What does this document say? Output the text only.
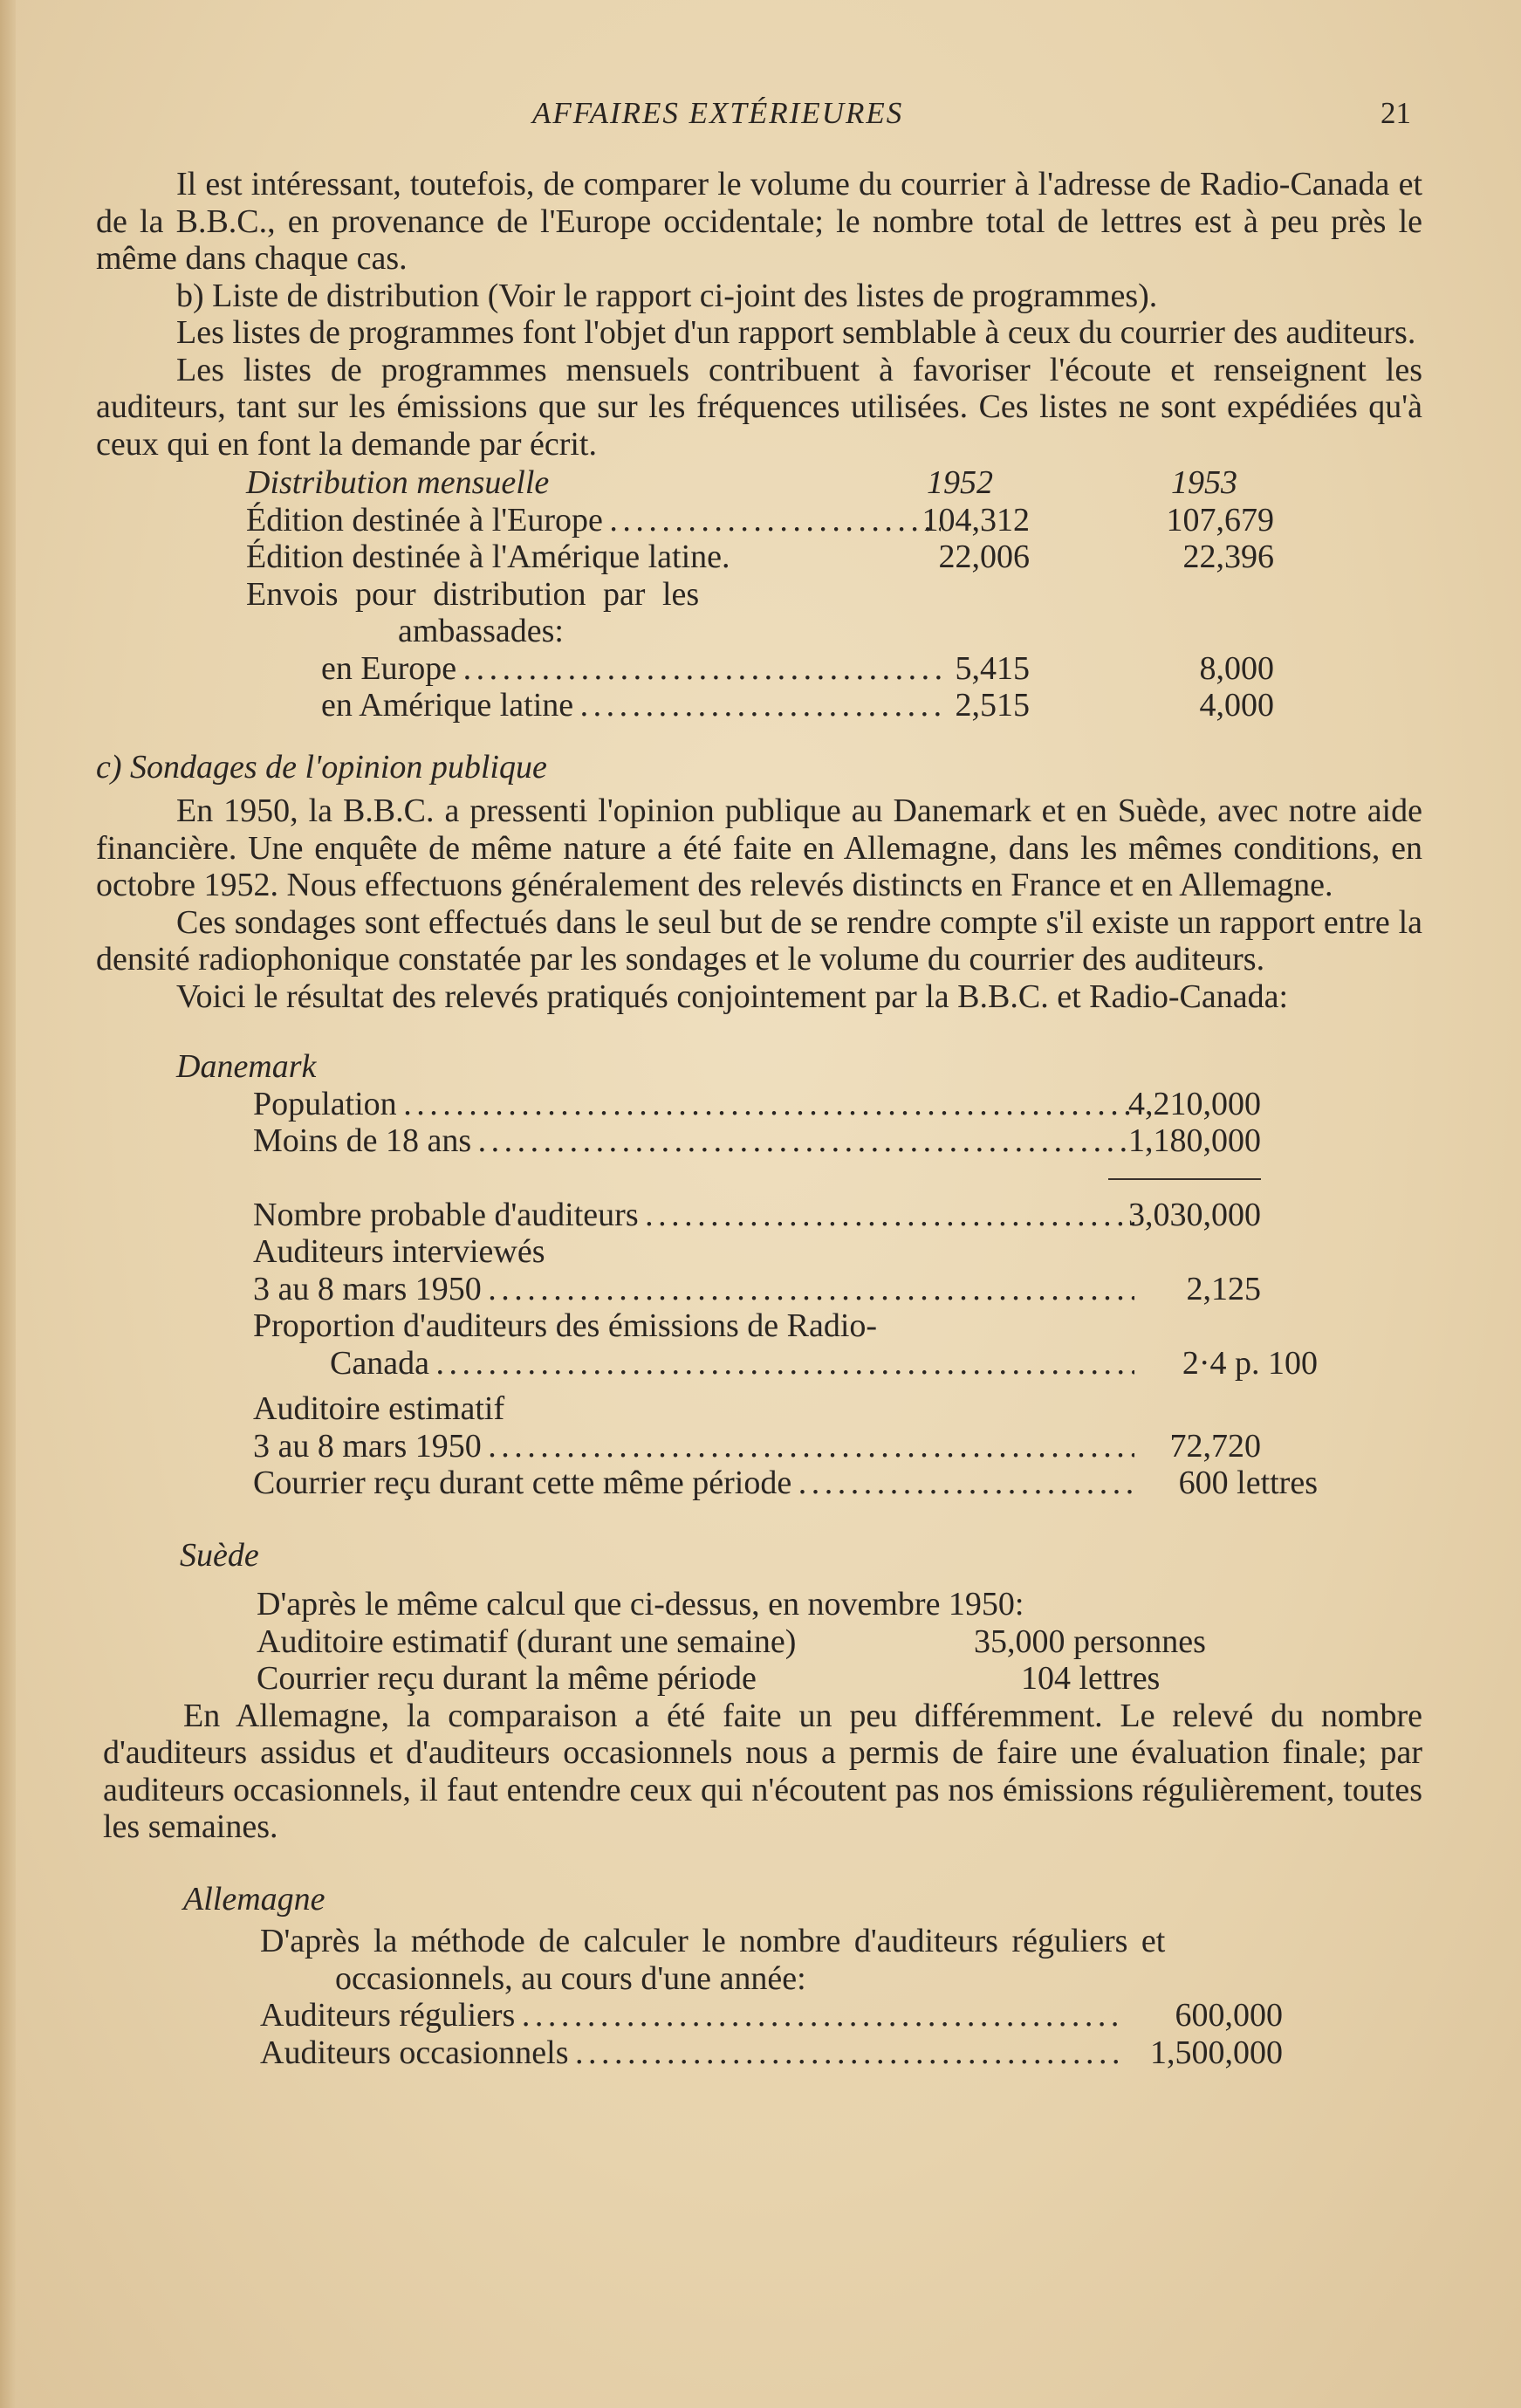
AFFAIRES EXTÉRIEURES	21

Il est intéressant, toutefois, de comparer le volume du courrier à l'adresse de Radio-Canada et de la B.B.C., en provenance de l'Europe occidentale; le nombre total de lettres est à peu près le même dans chaque cas.

b) Liste de distribution (Voir le rapport ci-joint des listes de programmes).

Les listes de programmes font l'objet d'un rapport semblable à ceux du courrier des auditeurs.

Les listes de programmes mensuels contribuent à favoriser l'écoute et renseignent les auditeurs, tant sur les émissions que sur les fréquences utilisées. Ces listes ne sont expédiées qu'à ceux qui en font la demande par écrit.

Distribution mensuelle	1952	1953
Édition destinée à l'Europe . . .	104,312	107,679
Édition destinée à l'Amérique latine.	22,006	22,396
Envois pour distribution par les
ambassades:
en Europe . . .	5,415	8,000
en Amérique latine . . .	2,515	4,000

c) Sondages de l'opinion publique

En 1950, la B.B.C. a pressenti l'opinion publique au Danemark et en Suède, avec notre aide financière. Une enquête de même nature a été faite en Allemagne, dans les mêmes conditions, en octobre 1952. Nous effectuons généralement des relevés distincts en France et en Allemagne.

Ces sondages sont effectués dans le seul but de se rendre compte s'il existe un rapport entre la densité radiophonique constatée par les sondages et le volume du courrier des auditeurs.

Voici le résultat des relevés pratiqués conjointement par la B.B.C. et Radio-Canada:

Danemark
Population . . .	4,210,000
Moins de 18 ans . . .	1,180,000
Nombre probable d'auditeurs . . .	3,030,000
Auditeurs interviewés
3 au 8 mars 1950 . . .	2,125
Proportion d'auditeurs des émissions de Radio-
Canada . . .	2·4 p. 100
Auditoire estimatif
3 au 8 mars 1950 . . .	72,720
Courrier reçu durant cette même période . . .	600 lettres
Suède
D'après le même calcul que ci-dessus, en novembre 1950:
Auditoire estimatif (durant une semaine)	35,000 personnes
Courrier reçu durant la même période	104 lettres

En Allemagne, la comparaison a été faite un peu différemment. Le relevé du nombre d'auditeurs assidus et d'auditeurs occasionnels nous a permis de faire une évaluation finale; par auditeurs occasionnels, il faut entendre ceux qui n'écoutent pas nos émissions régulièrement, toutes les semaines.

Allemagne
D'après la méthode de calculer le nombre d'auditeurs réguliers et
occasionnels, au cours d'une année:
Auditeurs réguliers . . .	600,000
Auditeurs occasionnels . . .	1,500,000
